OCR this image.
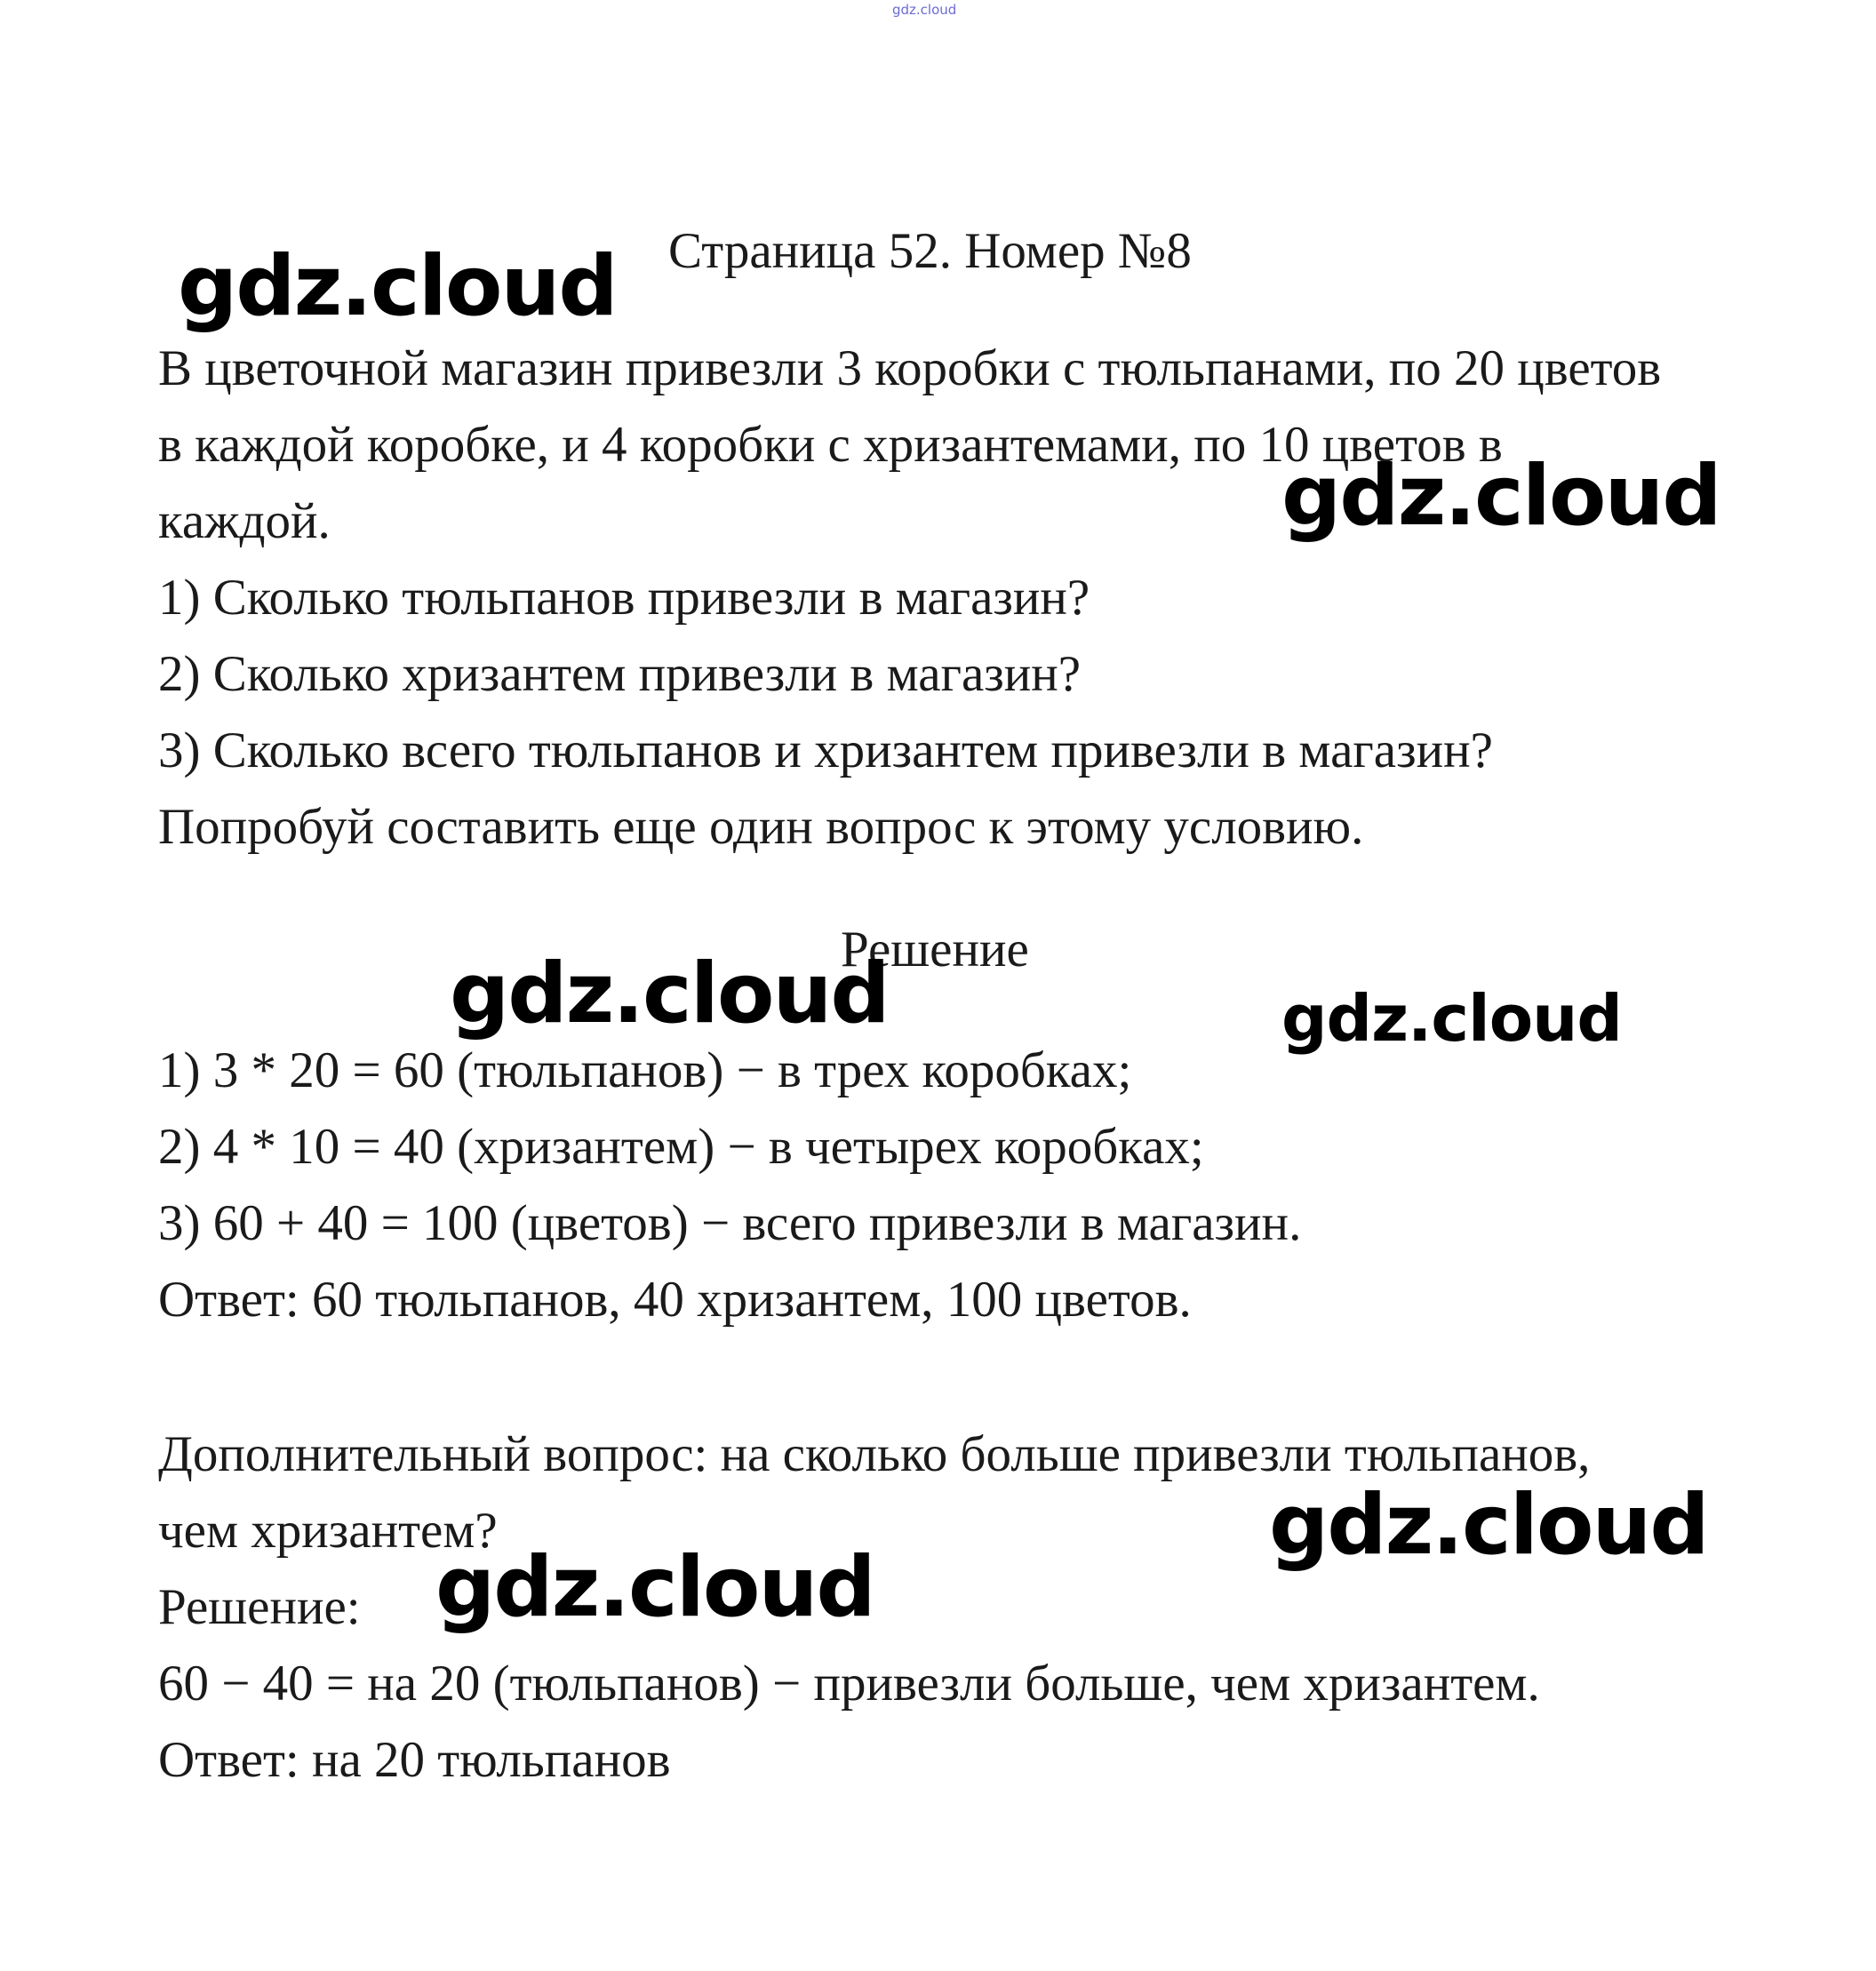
gdz.cloud
Страница 52. Номер №8
В цветочной магазин привезли 3 коробки с тюльпанами, по 20 цветов
в каждой коробке, и 4 коробки с хризантемами, по 10 цветов в
каждой.
1) Сколько тюльпанов привезли в магазин?
2) Сколько хризантем привезли в магазин?
3) Сколько всего тюльпанов и хризантем привезли в магазин?
Попробуй составить еще один вопрос к этому условию.
Решение
1) 3 * 20 = 60 (тюльпанов) − в трех коробках;
2) 4 * 10 = 40 (хризантем) − в четырех коробках;
3) 60 + 40 = 100 (цветов) − всего привезли в магазин.
Ответ: 60 тюльпанов, 40 хризантем, 100 цветов.
Дополнительный вопрос: на сколько больше привезли тюльпанов,
чем хризантем?
Решение:
60 − 40 = на 20 (тюльпанов) − привезли больше, чем хризантем.
Ответ: на 20 тюльпанов
gdz.cloud
gdz.cloud
gdz.cloud	gdz.cloud
gdz.cloud
gdz.cloud
